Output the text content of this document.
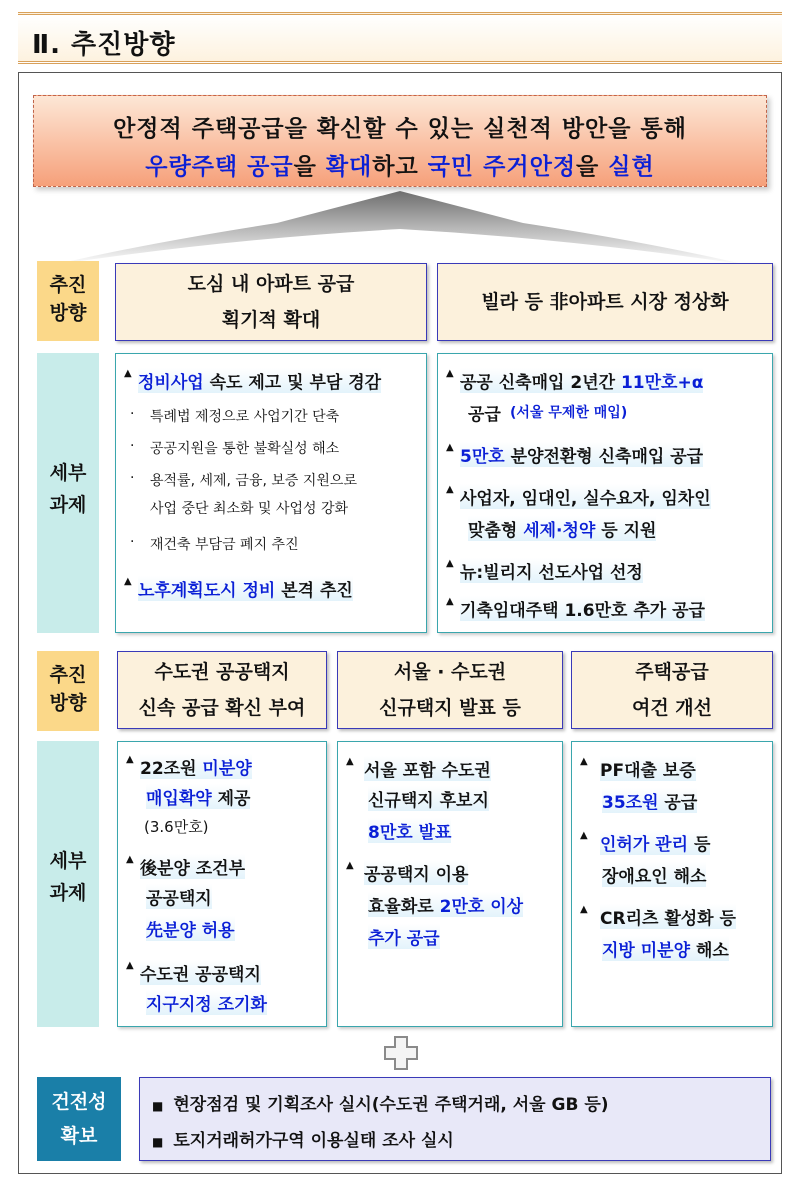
Ⅱ. 추진방향
안정적 주택공급을 확신할 수 있는 실천적 방안을 통해
우량주택 공급을 확대하고 국민 주거안정을 실현
추진
방향
도심 내 아파트 공급
획기적 확대
빌라 등 非아파트 시장 정상화
세부
과제
▲ 정비사업 속도 제고 및 부담 경감
· 특례법 제정으로 사업기간 단축
· 공공지원을 통한 불확실성 해소
· 용적률, 세제, 금융, 보증 지원으로
사업 중단 최소화 및 사업성 강화
· 재건축 부담금 폐지 추진
▲ 노후계획도시 정비 본격 추진
▲ 공공 신축매입 2년간 11만호+α
공급 (서울 무제한 매입)
▲ 5만호 분양전환형 신축매입 공급
▲ 사업자, 임대인, 실수요자, 임차인
맞춤형 세제·청약 등 지원
▲ 뉴:빌리지 선도사업 선정
▲ 기축임대주택 1.6만호 추가 공급
추진
방향
수도권 공공택지
신속 공급 확신 부여
서울 · 수도권
신규택지 발표 등
주택공급
여건 개선
세부
과제
▲ 22조원 미분양
매입확약 제공
(3.6만호)
▲ 後분양 조건부
공공택지
先분양 허용
▲ 수도권 공공택지
지구지정 조기화
▲ 서울 포함 수도권
신규택지 후보지
8만호 발표
▲ 공공택지 이용
효율화로 2만호 이상
추가 공급
▲ PF대출 보증
35조원 공급
▲ 인허가 관리 등
장애요인 해소
▲ CR리츠 활성화 등
지방 미분양 해소
건전성
확보
■ 현장점검 및 기획조사 실시(수도권 주택거래, 서울 GB 등)
■ 토지거래허가구역 이용실태 조사 실시
